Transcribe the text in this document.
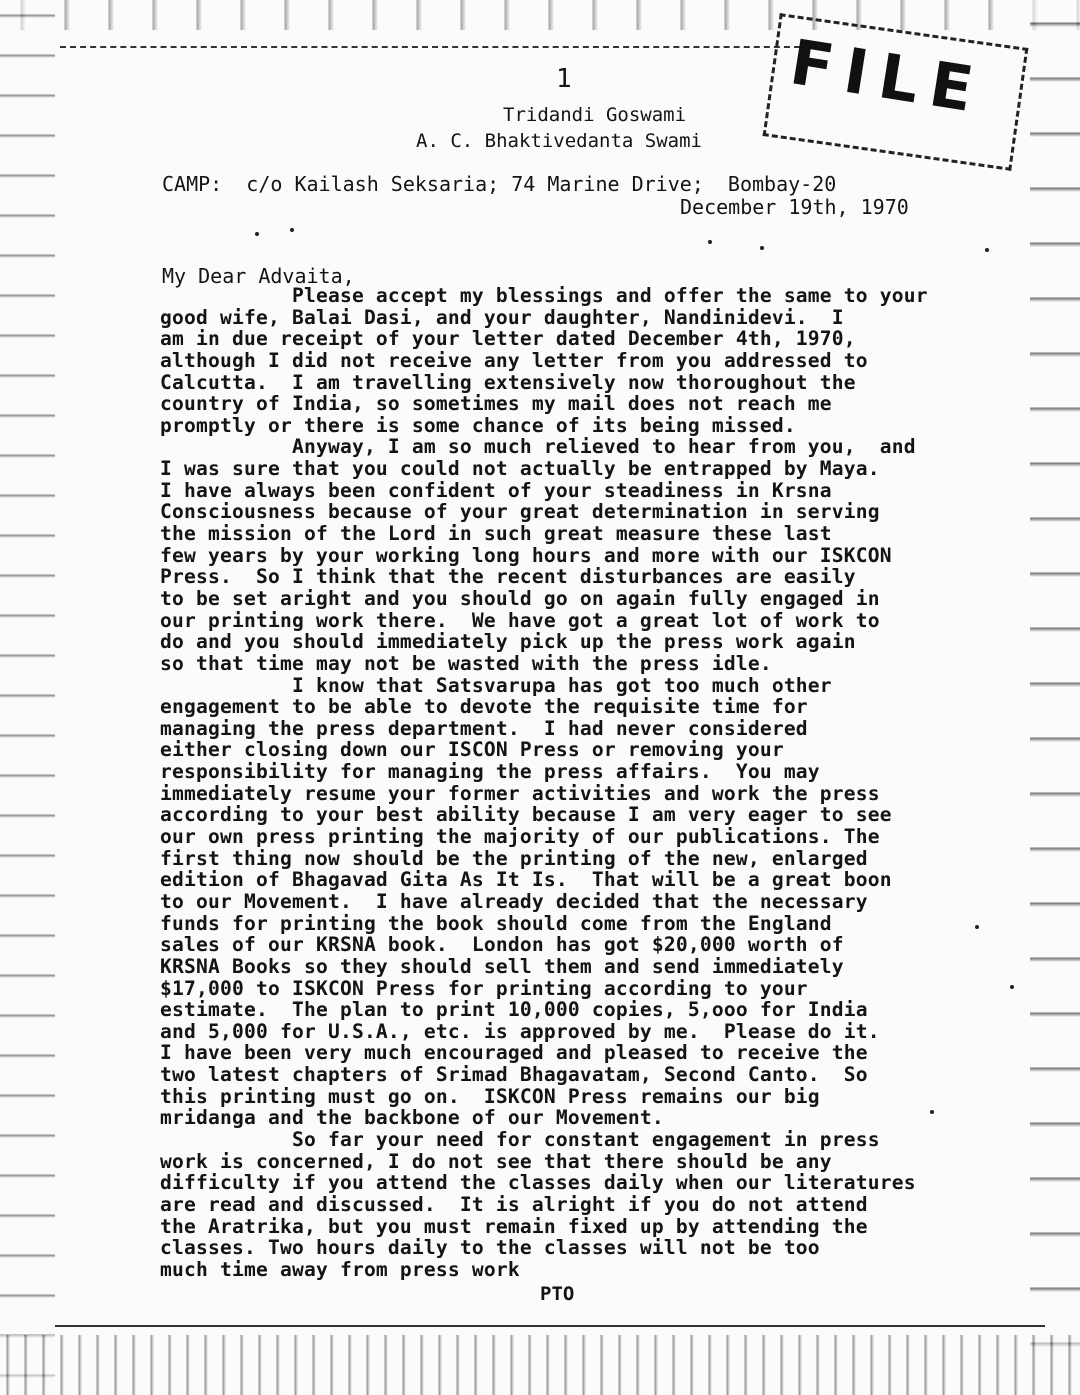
FILE
1
Tridandi Goswami
A. C. Bhaktivedanta Swami
CAMP:  c/o Kailash Seksaria; 74 Marine Drive;  Bombay-20
December 19th, 1970
My Dear Advaita,
Please accept my blessings and offer the same to your
good wife, Balai Dasi, and your daughter, Nandinidevi.  I
am in due receipt of your letter dated December 4th, 1970,
although I did not receive any letter from you addressed to
Calcutta.  I am travelling extensively now thoroughout the
country of India, so sometimes my mail does not reach me
promptly or there is some chance of its being missed.
Anyway, I am so much relieved to hear from you,  and
I was sure that you could not actually be entrapped by Maya.
I have always been confident of your steadiness in Krsna
Consciousness because of your great determination in serving
the mission of the Lord in such great measure these last
few years by your working long hours and more with our ISKCON
Press.  So I think that the recent disturbances are easily
to be set aright and you should go on again fully engaged in
our printing work there.  We have got a great lot of work to
do and you should immediately pick up the press work again
so that time may not be wasted with the press idle.
I know that Satsvarupa has got too much other
engagement to be able to devote the requisite time for
managing the press department.  I had never considered
either closing down our ISCON Press or removing your
responsibility for managing the press affairs.  You may
immediately resume your former activities and work the press
according to your best ability because I am very eager to see
our own press printing the majority of our publications. The
first thing now should be the printing of the new, enlarged
edition of Bhagavad Gita As It Is.  That will be a great boon
to our Movement.  I have already decided that the necessary
funds for printing the book should come from the England
sales of our KRSNA book.  London has got $20,000 worth of
KRSNA Books so they should sell them and send immediately
$17,000 to ISKCON Press for printing according to your
estimate.  The plan to print 10,000 copies, 5,ooo for India
and 5,000 for U.S.A., etc. is approved by me.  Please do it.
I have been very much encouraged and pleased to receive the
two latest chapters of Srimad Bhagavatam, Second Canto.  So
this printing must go on.  ISKCON Press remains our big
mridanga and the backbone of our Movement.
So far your need for constant engagement in press
work is concerned, I do not see that there should be any
difficulty if you attend the classes daily when our literatures
are read and discussed.  It is alright if you do not attend
the Aratrika, but you must remain fixed up by attending the
classes. Two hours daily to the classes will not be too
much time away from press work
PTO
